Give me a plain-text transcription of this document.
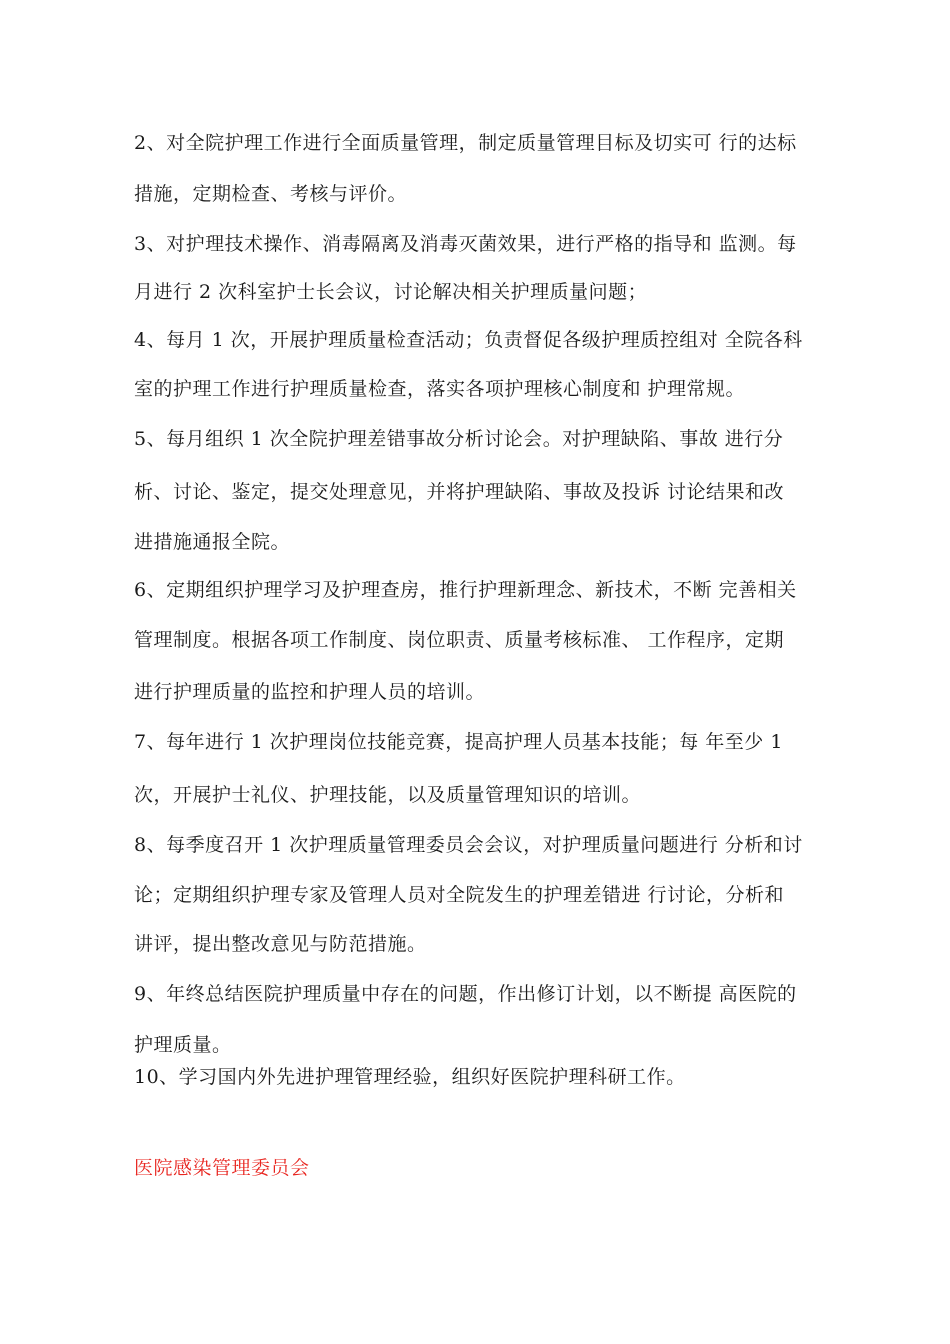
2、对全院护理工作进行全面质量管理，制定质量管理目标及切实可 行的达标
措施，定期检查、考核与评价。
3、对护理技术操作、消毒隔离及消毒灭菌效果，进行严格的指导和 监测。每
月进行 2 次科室护士长会议，讨论解决相关护理质量问题；
4、每月 1 次，开展护理质量检查活动；负责督促各级护理质控组对 全院各科
室的护理工作进行护理质量检查，落实各项护理核心制度和 护理常规。
5、每月组织 1 次全院护理差错事故分析讨论会。对护理缺陷、事故 进行分
析、讨论、鉴定，提交处理意见，并将护理缺陷、事故及投诉 讨论结果和改
进措施通报全院。
6、定期组织护理学习及护理查房，推行护理新理念、新技术，不断 完善相关
管理制度。根据各项工作制度、岗位职责、质量考核标准、 工作程序，定期
进行护理质量的监控和护理人员的培训。
7、每年进行 1 次护理岗位技能竞赛，提高护理人员基本技能；每 年至少 1
次，开展护士礼仪、护理技能，以及质量管理知识的培训。
8、每季度召开 1 次护理质量管理委员会会议，对护理质量问题进行 分析和讨
论；定期组织护理专家及管理人员对全院发生的护理差错进 行讨论，分析和
讲评，提出整改意见与防范措施。
9、年终总结医院护理质量中存在的问题，作出修订计划，以不断提 高医院的
护理质量。
10、学习国内外先进护理管理经验，组织好医院护理科研工作。
医院感染管理委员会
